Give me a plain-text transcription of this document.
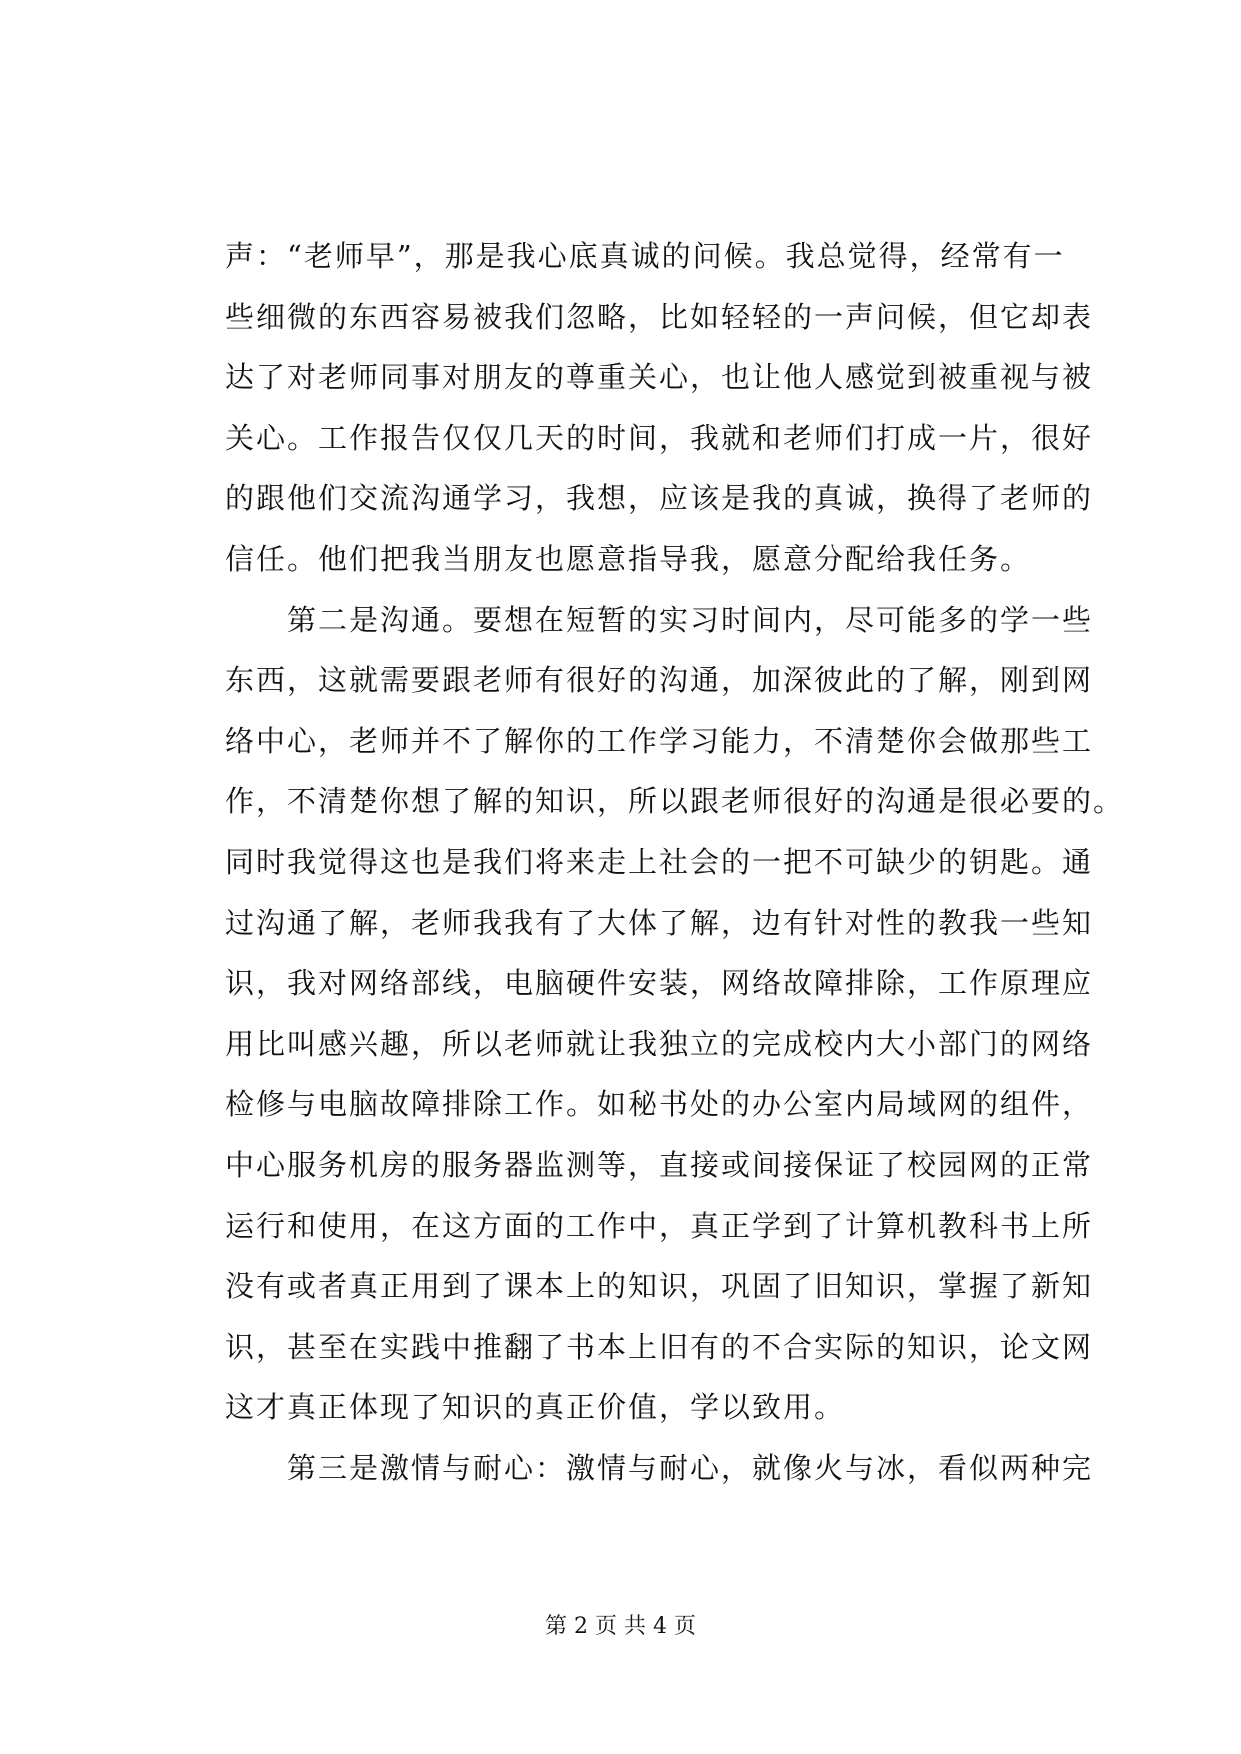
声：“老师早”，那是我心底真诚的问候。我总觉得，经常有一
些细微的东西容易被我们忽略，比如轻轻的一声问候，但它却表
达了对老师同事对朋友的尊重关心，也让他人感觉到被重视与被
关心。工作报告仅仅几天的时间，我就和老师们打成一片，很好
的跟他们交流沟通学习，我想，应该是我的真诚，换得了老师的
信任。他们把我当朋友也愿意指导我，愿意分配给我任务。
　　第二是沟通。要想在短暂的实习时间内，尽可能多的学一些
东西，这就需要跟老师有很好的沟通，加深彼此的了解，刚到网
络中心，老师并不了解你的工作学习能力，不清楚你会做那些工
作，不清楚你想了解的知识，所以跟老师很好的沟通是很必要的。
同时我觉得这也是我们将来走上社会的一把不可缺少的钥匙。通
过沟通了解，老师我我有了大体了解，边有针对性的教我一些知
识，我对网络部线，电脑硬件安装，网络故障排除，工作原理应
用比叫感兴趣，所以老师就让我独立的完成校内大小部门的网络
检修与电脑故障排除工作。如秘书处的办公室内局域网的组件，
中心服务机房的服务器监测等，直接或间接保证了校园网的正常
运行和使用，在这方面的工作中，真正学到了计算机教科书上所
没有或者真正用到了课本上的知识，巩固了旧知识，掌握了新知
识，甚至在实践中推翻了书本上旧有的不合实际的知识，论文网
这才真正体现了知识的真正价值，学以致用。
　　第三是激情与耐心：激情与耐心，就像火与冰，看似两种完
第 2 页 共 4 页
